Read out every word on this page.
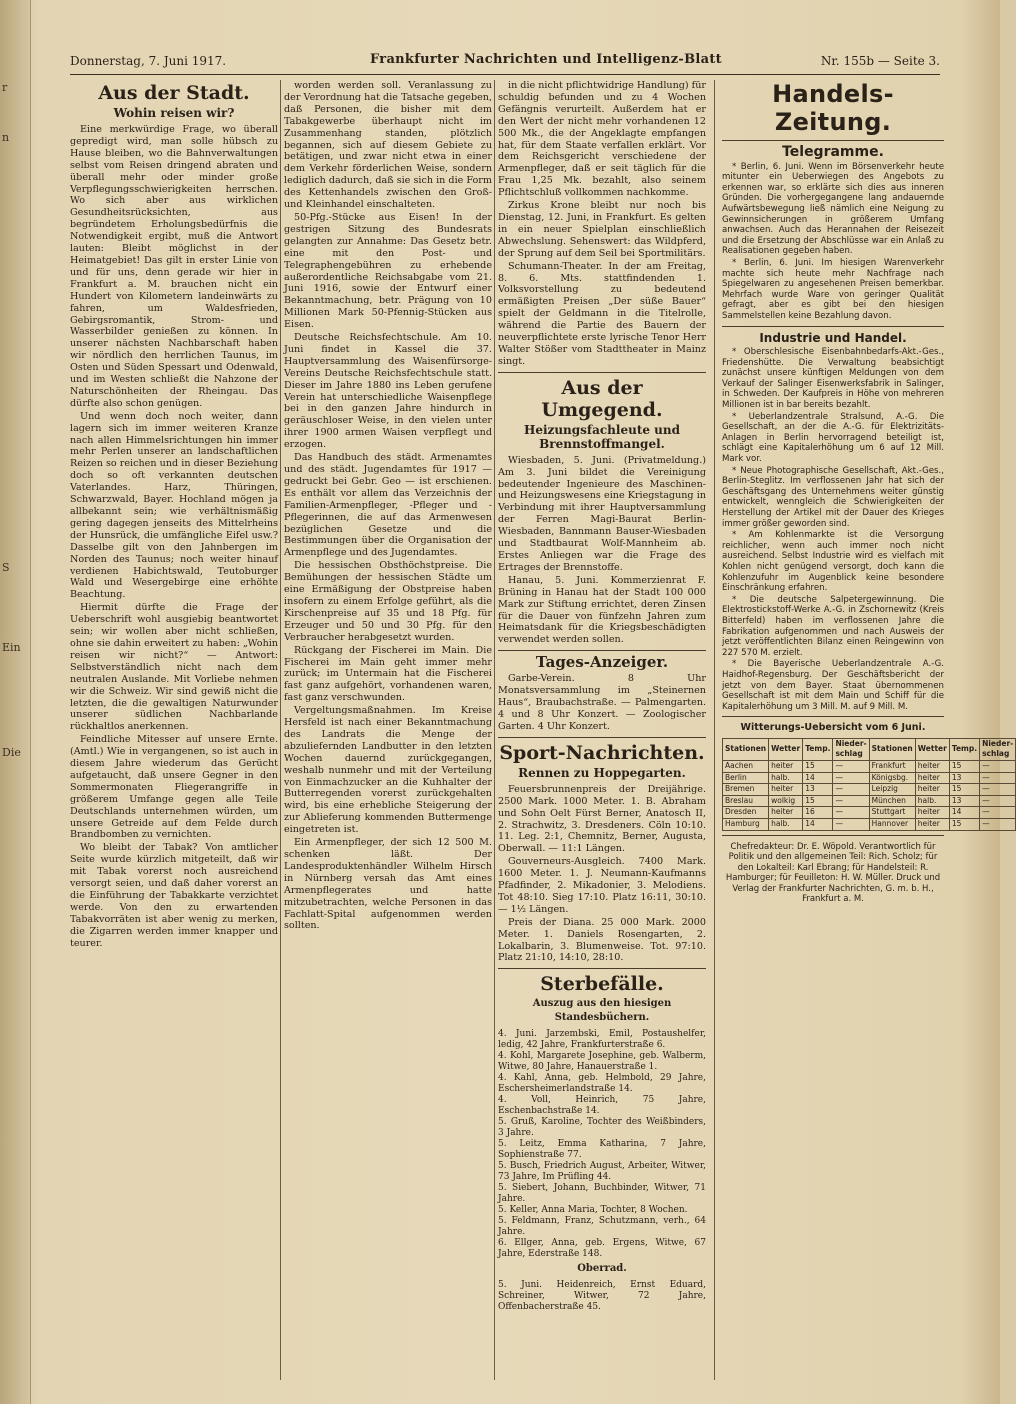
r
n
S
Ein
Die
Donnerstag, 7. Juni 1917.	Frankfurter Nachrichten und Intelligenz-Blatt	Nr. 155b — Seite 3.
Aus der Stadt.
Wohin reisen wir?

Eine merkwürdige Frage, wo überall gepredigt wird, man solle hübsch zu Hause bleiben, wo die Bahnverwaltungen selbst vom Reisen dringend abraten und überall mehr oder minder große Verpflegungsschwierigkeiten herrschen. Wo sich aber aus wirklichen Gesundheitsrücksichten, aus begründetem Erholungsbedürfnis die Notwendigkeit ergibt, muß die Antwort lauten: Bleibt möglichst in der Heimatgebiet! Das gilt in erster Linie von und für uns, denn gerade wir hier in Frankfurt a. M. brauchen nicht ein Hundert von Kilometern landeinwärts zu fahren, um Waldesfrieden, Gebirgsromantik, Strom- und Wasserbilder genießen zu können. In unserer nächsten Nachbarschaft haben wir nördlich den herrlichen Taunus, im Osten und Süden Spessart und Odenwald, und im Westen schließt die Nahzone der Naturschönheiten der Rheingau. Das dürfte also schon genügen.

Und wenn doch noch weiter, dann lagern sich im immer weiteren Kranze nach allen Himmelsrichtungen hin immer mehr Perlen unserer an landschaftlichen Reizen so reichen und in dieser Beziehung doch so oft verkannten deutschen Vaterlandes. Harz, Thüringen, Schwarzwald, Bayer. Hochland mögen ja allbekannt sein; wie verhältnismäßig gering dagegen jenseits des Mittelrheins der Hunsrück, die umfängliche Eifel usw.? Dasselbe gilt von den Jahnbergen im Norden des Taunus; noch weiter hinauf verdienen Habichtswald, Teutoburger Wald und Wesergebirge eine erhöhte Beachtung.

Hiermit dürfte die Frage der Ueberschrift wohl ausgiebig beantwortet sein; wir wollen aber nicht schließen, ohne sie dahin erweitert zu haben: „Wohin reisen wir nicht?“ — Antwort: Selbstverständlich nicht nach dem neutralen Auslande. Mit Vorliebe nehmen wir die Schweiz. Wir sind gewiß nicht die letzten, die die gewaltigen Naturwunder unserer südlichen Nachbarlande rückhaltlos anerkennen.

Feindliche Mitesser auf unsere Ernte. (Amtl.) Wie in vergangenen, so ist auch in diesem Jahre wiederum das Gerücht aufgetaucht, daß unsere Gegner in den Sommermonaten Fliegerangriffe in größerem Umfange gegen alle Teile Deutschlands unternehmen würden, um unsere Getreide auf dem Felde durch Brandbomben zu vernichten.

Wo bleibt der Tabak? Von amtlicher Seite wurde kürzlich mitgeteilt, daß wir mit Tabak vorerst noch ausreichend versorgt seien, und daß daher vorerst an die Einführung der Tabakkarte verzichtet werde. Von den zu erwartenden Tabakvorräten ist aber wenig zu merken, die Zigarren werden immer knapper und teurer.

worden werden soll. Veranlassung zu der Verordnung hat die Tatsache gegeben, daß Personen, die bisher mit dem Tabakgewerbe überhaupt nicht im Zusammenhang standen, plötzlich begannen, sich auf diesem Gebiete zu betätigen, und zwar nicht etwa in einer dem Verkehr förderlichen Weise, sondern lediglich dadurch, daß sie sich in die Form des Kettenhandels zwischen den Groß- und Kleinhandel einschalteten.

50-Pfg.-Stücke aus Eisen! In der gestrigen Sitzung des Bundesrats gelangten zur Annahme: Das Gesetz betr. eine mit den Post- und Telegraphengebühren zu erhebende außerordentliche Reichsabgabe vom 21. Juni 1916, sowie der Entwurf einer Bekanntmachung, betr. Prägung von 10 Millionen Mark 50-Pfennig-Stücken aus Eisen.

Deutsche Reichsfechtschule. Am 10. Juni findet in Kassel die 37. Hauptversammlung des Waisenfürsorge-Vereins Deutsche Reichsfechtschule statt. Dieser im Jahre 1880 ins Leben gerufene Verein hat unterschiedliche Waisenpflege bei in den ganzen Jahre hindurch in geräuschloser Weise, in den vielen unter ihrer 1900 armen Waisen verpflegt und erzogen.

Das Handbuch des städt. Armenamtes und des städt. Jugendamtes für 1917 — gedruckt bei Gebr. Geo — ist erschienen. Es enthält vor allem das Verzeichnis der Familien-Armenpfleger, -Pfleger und -Pflegerinnen, die auf das Armenwesen bezüglichen Gesetze und die Bestimmungen über die Organisation der Armenpflege und des Jugendamtes.

Die hessischen Obsthöchstpreise. Die Bemühungen der hessischen Städte um eine Ermäßigung der Obstpreise haben insofern zu einem Erfolge geführt, als die Kirschenpreise auf 35 und 18 Pfg. für Erzeuger und 50 und 30 Pfg. für den Verbraucher herabgesetzt wurden.

Rückgang der Fischerei im Main. Die Fischerei im Main geht immer mehr zurück; im Untermain hat die Fischerei fast ganz aufgehört, vorhandenen waren, fast ganz verschwunden.

Vergeltungsmaßnahmen. Im Kreise Hersfeld ist nach einer Bekanntmachung des Landrats die Menge der abzuliefernden Landbutter in den letzten Wochen dauernd zurückgegangen, weshalb nunmehr und mit der Verteilung von Einmachzucker an die Kuhhalter der Butterregenden vorerst zurückgehalten wird, bis eine erhebliche Steigerung der zur Ablieferung kommenden Buttermenge eingetreten ist.

Ein Armenpfleger, der sich 12 500 M. schenken läßt. Der Landesproduktenhändler Wilhelm Hirsch in Nürnberg versah das Amt eines Armenpflegerates und hatte mitzubetrachten, welche Personen in das Fachlatt-Spital aufgenommen werden sollten.

in die nicht pflichtwidrige Handlung) für schuldig befunden und zu 4 Wochen Gefängnis verurteilt. Außerdem hat er den Wert der nicht mehr vorhandenen 12 500 Mk., die der Angeklagte empfangen hat, für dem Staate verfallen erklärt. Vor dem Reichsgericht verschiedene der Armenpfleger, daß er seit täglich für die Frau 1,25 Mk. bezahlt, also seinem Pflichtschluß vollkommen nachkomme.

Zirkus Krone bleibt nur noch bis Dienstag, 12. Juni, in Frankfurt. Es gelten in ein neuer Spielplan einschließlich Abwechslung. Sehenswert: das Wildpferd, der Sprung auf dem Seil bei Sportmilitärs.

Schumann-Theater. In der am Freitag, 8. 6. Mts. stattfindenden 1. Volksvorstellung zu bedeutend ermäßigten Preisen „Der süße Bauer“ spielt der Geldmann in die Titelrolle, während die Partie des Bauern der neuverpflichtete erste lyrische Tenor Herr Walter Stößer vom Stadttheater in Mainz singt.

Aus der Umgegend.
Heizungsfachleute und Brennstoffmangel.

Wiesbaden, 5. Juni. (Privatmeldung.) Am 3. Juni bildet die Vereinigung bedeutender Ingenieure des Maschinen- und Heizungswesens eine Kriegstagung in Verbindung mit ihrer Hauptversammlung der Ferren Magi-Baurat Berlin-Wiesbaden, Bannmann Bauser-Wiesbaden und Stadtbaurat Wolf-Mannheim ab. Erstes Anliegen war die Frage des Ertrages der Brennstoffe.

Hanau, 5. Juni. Kommerzienrat F. Brüning in Hanau hat der Stadt 100 000 Mark zur Stiftung errichtet, deren Zinsen für die Dauer von fünfzehn Jahren zum Heimatsdank für die Kriegsbeschädigten verwendet werden sollen.

Tages-Anzeiger.

Garbe-Verein. 8 Uhr Monatsversammlung im „Steinernen Haus“, Braubachstraße. — Palmengarten. 4 und 8 Uhr Konzert. — Zoologischer Garten. 4 Uhr Konzert.

Sport-Nachrichten.
Rennen zu Hoppegarten.

Feuersbrunnenpreis der Dreijährige. 2500 Mark. 1000 Meter. 1. B. Abraham und Sohn Oelt Fürst Berner, Anatosch II, 2. Strachwitz, 3. Dresdeners. Cöln 10:10. 11. Leg. 2:1, Chemnitz, Berner, Augusta, Oberwall. — 11:1 Längen.

Gouverneurs-Ausgleich. 7400 Mark. 1600 Meter. 1. J. Neumann-Kaufmanns Pfadfinder, 2. Mikadonier, 3. Melodiens. Tot 48:10. Sieg 17:10. Platz 16:11, 30:10. — 1½ Längen.

Preis der Diana. 25 000 Mark. 2000 Meter. 1. Daniels Rosengarten, 2. Lokalbarin, 3. Blumenweise. Tot. 97:10. Platz 21:10, 14:10, 28:10.

Sterbefälle.
Auszug aus den hiesigen Standesbüchern.
4. Juni. Jarzembski, Emil, Postaushelfer, ledig, 42 Jahre, Frankfurterstraße 6.
4. Kohl, Margarete Josephine, geb. Walberm, Witwe, 80 Jahre, Hanauerstraße 1.
4. Kahl, Anna, geb. Helmbold, 29 Jahre, Eschersheimerlandstraße 14.
4. Voll, Heinrich, 75 Jahre, Eschenbachstraße 14.
5. Gruß, Karoline, Tochter des Weißbinders, 3 Jahre.
5. Leitz, Emma Katharina, 7 Jahre, Sophienstraße 77.
5. Busch, Friedrich August, Arbeiter, Witwer, 73 Jahre, Im Prüfling 44.
5. Siebert, Johann, Buchbinder, Witwer, 71 Jahre.
5. Keller, Anna Maria, Tochter, 8 Wochen.
5. Feldmann, Franz, Schutzmann, verh., 64 Jahre.
6. Ellger, Anna, geb. Ergens, Witwe, 67 Jahre, Ederstraße 148.
Oberrad.
5. Juni. Heidenreich, Ernst Eduard, Schreiner, Witwer, 72 Jahre, Offenbacherstraße 45.
Handels-Zeitung.
Telegramme.

* Berlin, 6. Juni. Wenn im Börsenverkehr heute mitunter ein Ueberwiegen des Angebots zu erkennen war, so erklärte sich dies aus inneren Gründen. Die vorhergegangene lang andauernde Aufwärtsbewegung ließ nämlich eine Neigung zu Gewinnsicherungen in größerem Umfang anwachsen. Auch das Herannahen der Reisezeit und die Ersetzung der Abschlüsse war ein Anlaß zu Realisationen gegeben haben.

* Berlin, 6. Juni. Im hiesigen Warenverkehr machte sich heute mehr Nachfrage nach Spiegelwaren zu angesehenen Preisen bemerkbar. Mehrfach wurde Ware von geringer Qualität gefragt, aber es gibt bei den hiesigen Sammelstellen keine Bezahlung davon.

Industrie und Handel.

* Oberschlesische Eisenbahnbedarfs-Akt.-Ges., Friedenshütte. Die Verwaltung beabsichtigt zunächst unsere künftigen Meldungen von dem Verkauf der Salinger Eisenwerksfabrik in Salinger, in Schweden. Der Kaufpreis in Höhe von mehreren Millionen ist in bar bereits bezahlt.

* Ueberlandzentrale Stralsund, A.-G. Die Gesellschaft, an der die A.-G. für Elektrizitäts-Anlagen in Berlin hervorragend beteiligt ist, schlägt eine Kapitalerhöhung um 6 auf 12 Mill. Mark vor.

* Neue Photographische Gesellschaft, Akt.-Ges., Berlin-Steglitz. Im verflossenen Jahr hat sich der Geschäftsgang des Unternehmens weiter günstig entwickelt, wenngleich die Schwierigkeiten der Herstellung der Artikel mit der Dauer des Krieges immer größer geworden sind.

* Am Kohlenmarkte ist die Versorgung reichlicher, wenn auch immer noch nicht ausreichend. Selbst Industrie wird es vielfach mit Kohlen nicht genügend versorgt, doch kann die Kohlenzufuhr im Augenblick keine besondere Einschränkung erfahren.

* Die deutsche Salpetergewinnung. Die Elektrostickstoff-Werke A.-G. in Zschornewitz (Kreis Bitterfeld) haben im verflossenen Jahre die Fabrikation aufgenommen und nach Ausweis der jetzt veröffentlichten Bilanz einen Reingewinn von 227 570 M. erzielt.

* Die Bayerische Ueberlandzentrale A.-G. Haidhof-Regensburg. Der Geschäftsbericht der jetzt von dem Bayer. Staat übernommenen Gesellschaft ist mit dem Main und Schiff für die Kapitalerhöhung um 3 Mill. M. auf 9 Mill. M.

Witterungs-Uebersicht vom 6 Juni.
Stationen	Wetter	Temp.	Nieder-schlag	Stationen	Wetter	Temp.	Nieder-schlag
Aachen	heiter	15	—	Frankfurt	heiter	15	—
Berlin	halb.	14	—	Königsbg.	heiter	13	—
Bremen	heiter	13	—	Leipzig	heiter	15	—
Breslau	wolkig	15	—	München	halb.	13	—
Dresden	heiter	16	—	Stuttgart	heiter	14	—
Hamburg	halb.	14	—	Hannover	heiter	15	—
Chefredakteur: Dr. E. Wöpold. Verantwortlich für Politik und den allgemeinen Teil: Rich. Scholz; für den Lokalteil: Karl Ebrang; für Handelsteil: R. Hamburger; für Feuilleton: H. W. Müller. Druck und Verlag der Frankfurter Nachrichten, G. m. b. H., Frankfurt a. M.
